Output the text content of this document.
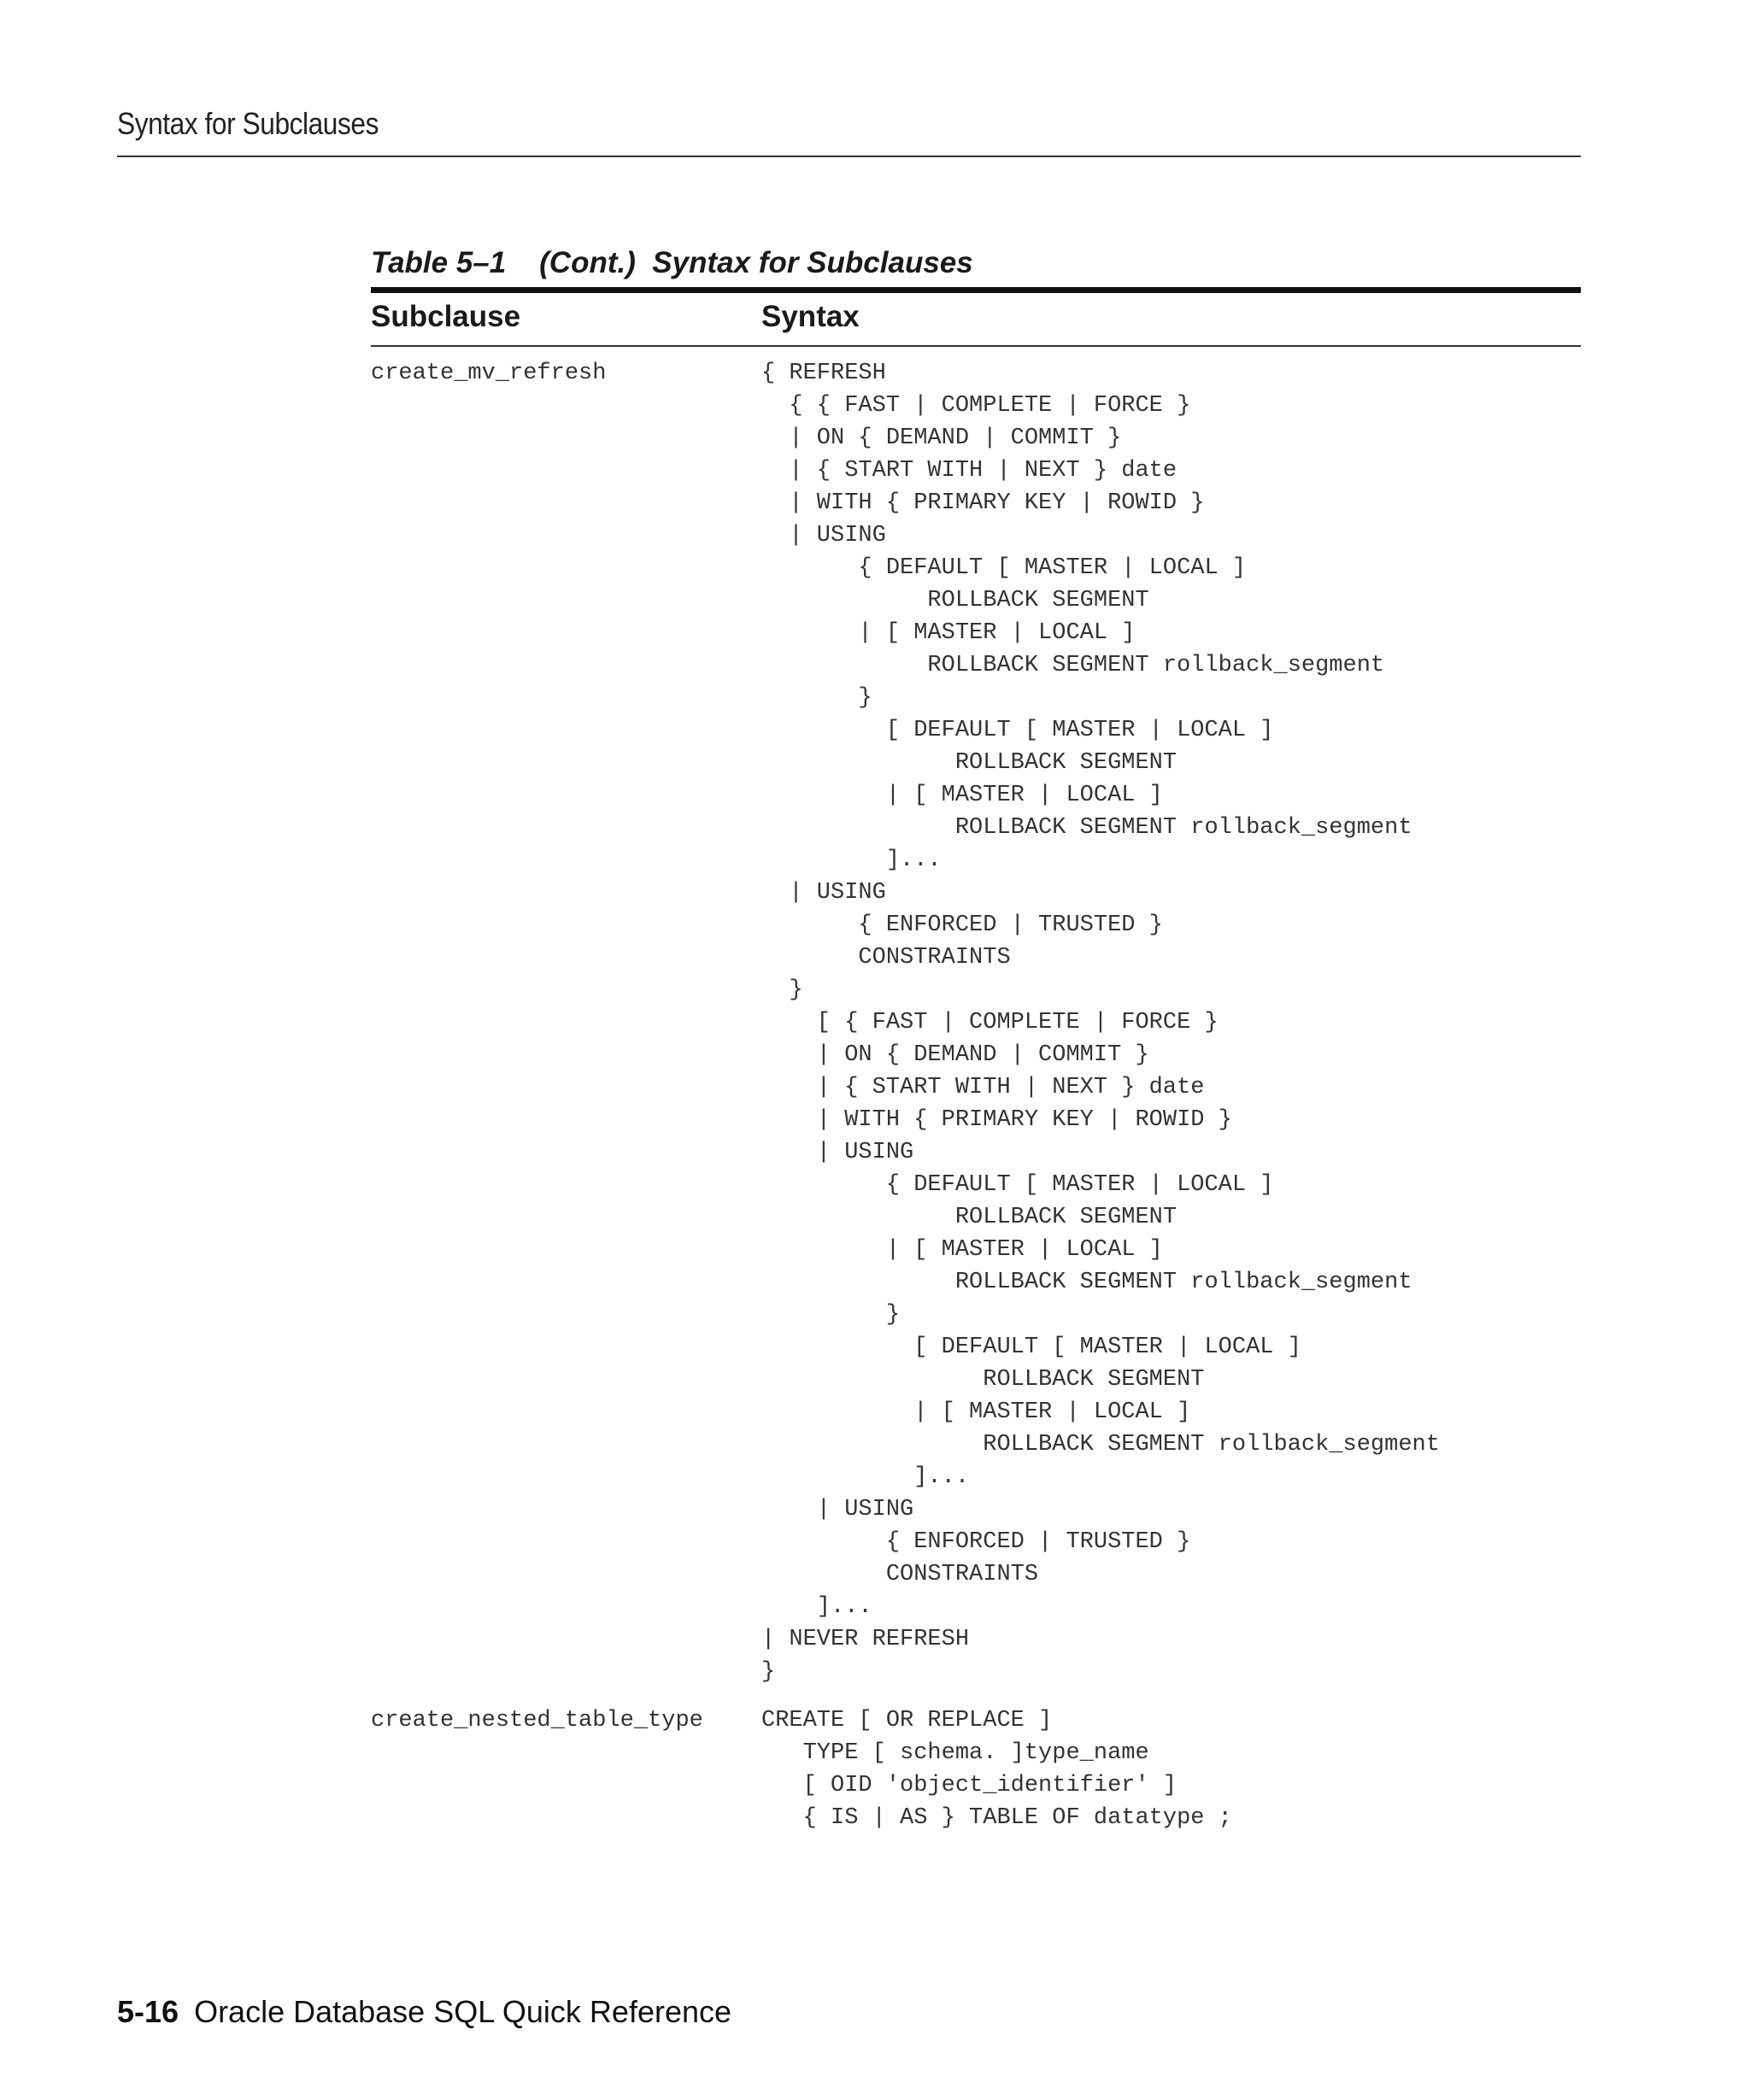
Syntax for Subclauses
Table 5–1    (Cont.)  Syntax for Subclauses
Subclause	Syntax
create_mv_refresh	{ REFRESH
{ { FAST | COMPLETE | FORCE }
| ON { DEMAND | COMMIT }
| { START WITH | NEXT } date
| WITH { PRIMARY KEY | ROWID }
| USING
{ DEFAULT [ MASTER | LOCAL ]
ROLLBACK SEGMENT
| [ MASTER | LOCAL ]
ROLLBACK SEGMENT rollback_segment
}
[ DEFAULT [ MASTER | LOCAL ]
ROLLBACK SEGMENT
| [ MASTER | LOCAL ]
ROLLBACK SEGMENT rollback_segment
]...
| USING
{ ENFORCED | TRUSTED }
CONSTRAINTS
}
[ { FAST | COMPLETE | FORCE }
| ON { DEMAND | COMMIT }
| { START WITH | NEXT } date
| WITH { PRIMARY KEY | ROWID }
| USING
{ DEFAULT [ MASTER | LOCAL ]
ROLLBACK SEGMENT
| [ MASTER | LOCAL ]
ROLLBACK SEGMENT rollback_segment
}
[ DEFAULT [ MASTER | LOCAL ]
ROLLBACK SEGMENT
| [ MASTER | LOCAL ]
ROLLBACK SEGMENT rollback_segment
]...
| USING
{ ENFORCED | TRUSTED }
CONSTRAINTS
]...
| NEVER REFRESH
}
create_nested_table_type	CREATE [ OR REPLACE ]
TYPE [ schema. ]type_name
[ OID 'object_identifier' ]
{ IS | AS } TABLE OF datatype ;
5-16 Oracle Database SQL Quick Reference
